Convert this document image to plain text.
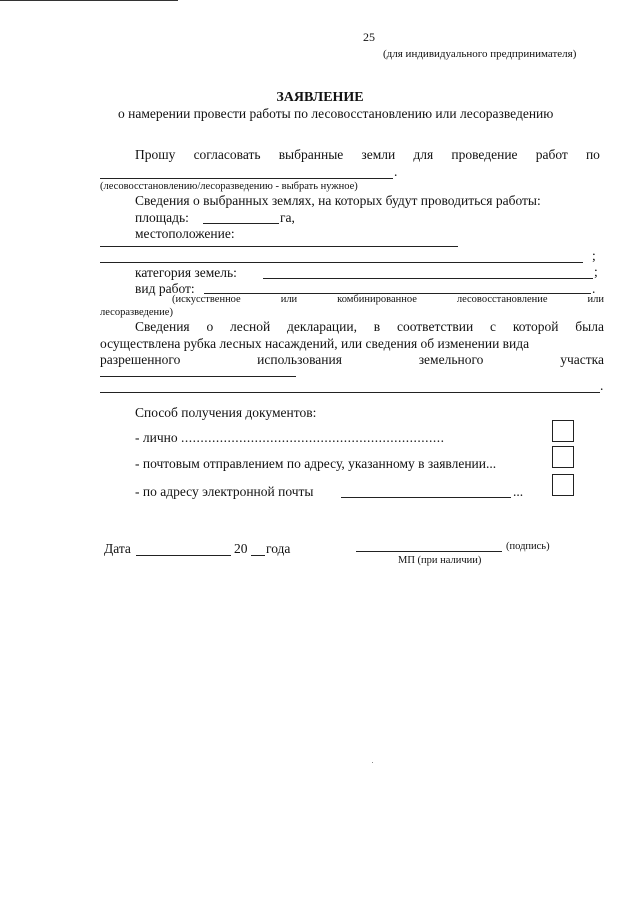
25
(для индивидуального предпринимателя)
ЗАЯВЛЕНИЕ
о намерении провести работы по лесовосстановлению или лесоразведению
Прошу согласовать выбранные земли для проведение работ по
.
(лесовосстановлению/лесоразведению - выбрать нужное)
Сведения о выбранных землях, на которых будут проводиться работы:
площадь:	га,
местоположение:
;
категория земель:	;
вид работ:	.
(искусственное	или	комбинированное	лесовосстановление	или
лесоразведение)
Сведения о лесной декларации, в соответствии с которой была
осуществлена рубка лесных насаждений, или сведения об изменении вида
разрешенного	использования	земельного	участка
.
Способ получения документов:
- лично ....................................................................
- почтовым отправлением по адресу, указанному в заявлении...
- по адресу электронной почты	...
Дата	20 года	(подпись)
МП (при наличии)
